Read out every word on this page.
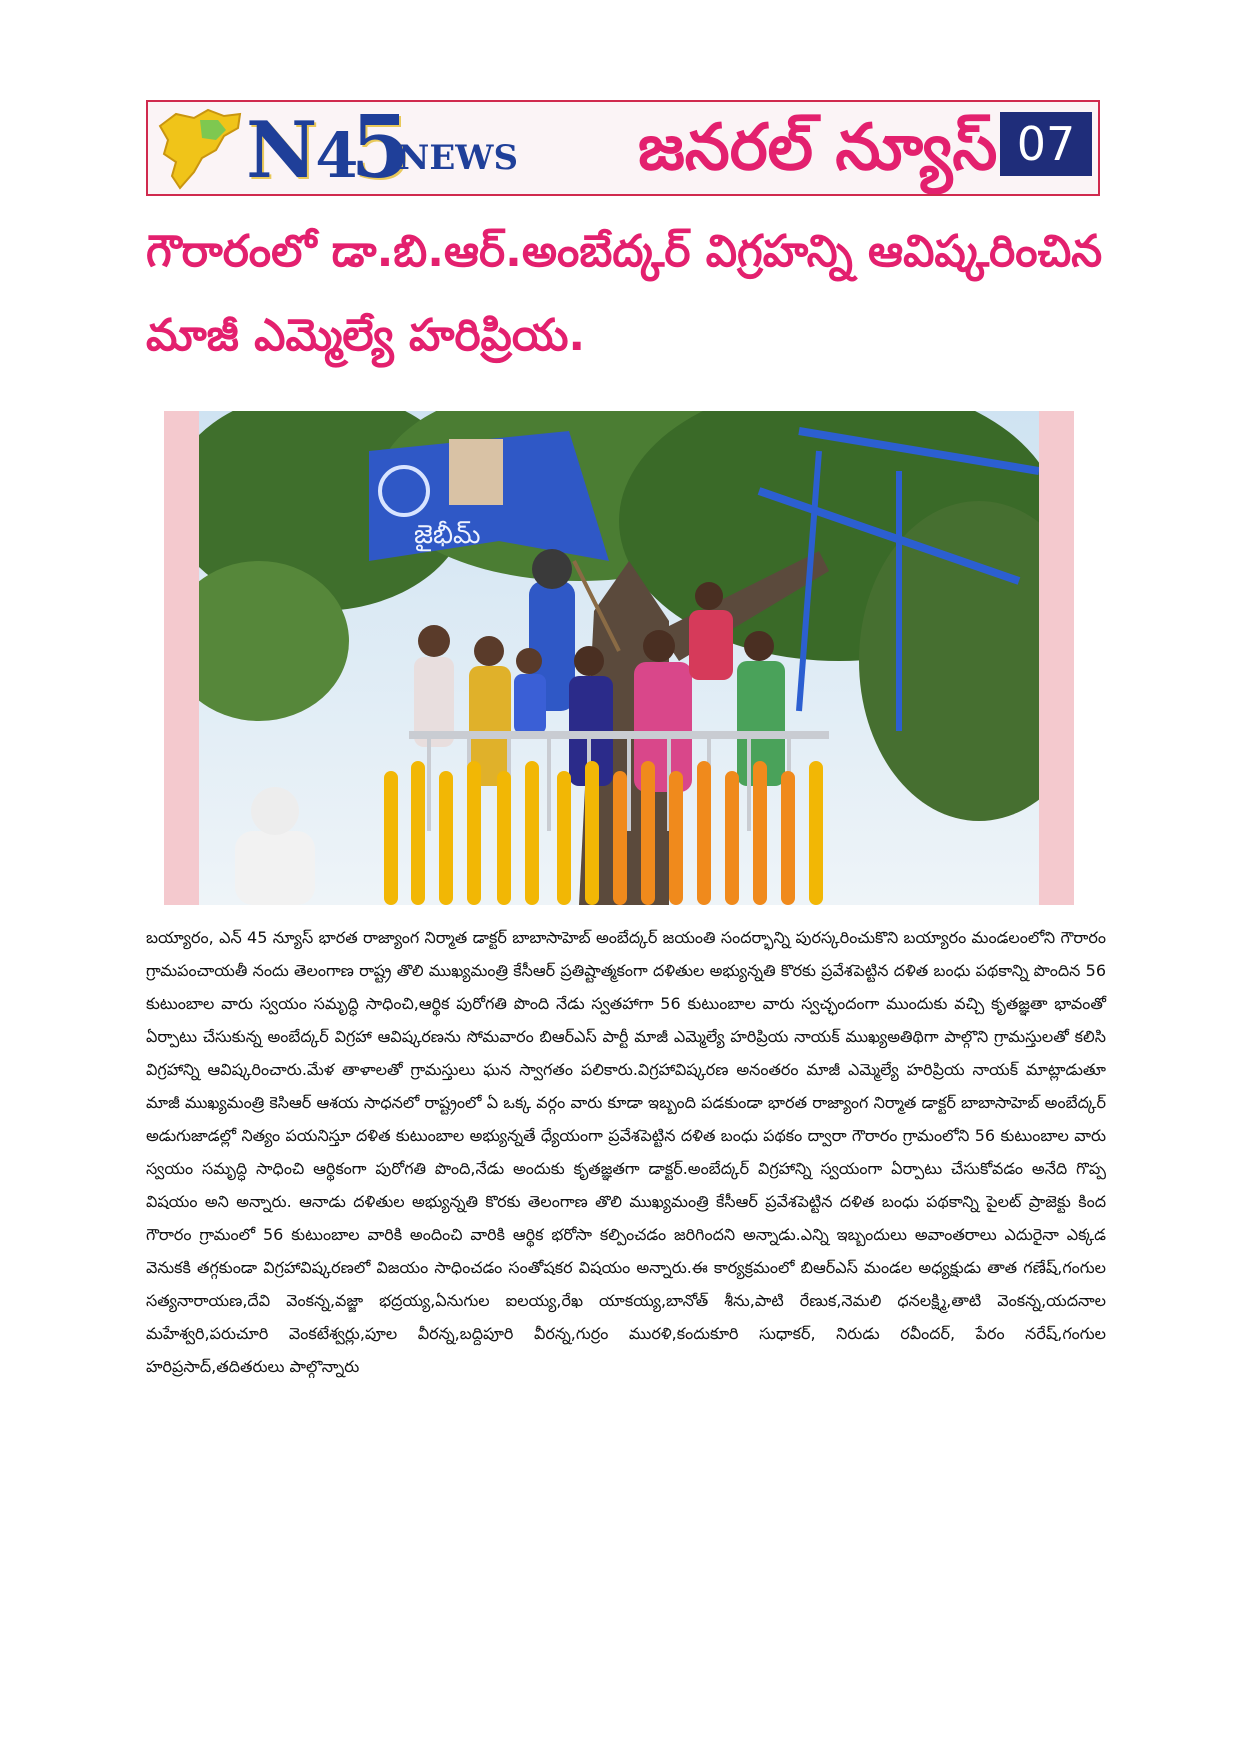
N45NEWS జనరల్ న్యూస్ 07
గౌరారంలో డా.బి.ఆర్.అంబేద్కర్ విగ్రహన్ని ఆవిష్కరించిన
మాజీ ఎమ్మెల్యే హరిప్రియ.
జైభీమ్

బయ్యారం, ఎన్ 45 న్యూస్ భారత రాజ్యాంగ నిర్మాత డాక్టర్ బాబాసాహెబ్ అంబేద్కర్ జయంతి సందర్భాన్ని పురస్కరించుకొని బయ్యారం మండలంలోని గౌరారం గ్రామపంచాయతీ నందు తెలంగాణ రాష్ట్ర తొలి ముఖ్యమంత్రి కేసీఆర్ ప్రతిష్టాత్మకంగా దళితుల అభ్యున్నతి కొరకు ప్రవేశపెట్టిన దళిత బంధు పథకాన్ని పొందిన 56 కుటుంబాల వారు స్వయం సమృద్ధి సాధించి,ఆర్థిక పురోగతి పొంది నేడు స్వతహాగా 56 కుటుంబాల వారు స్వచ్ఛందంగా ముందుకు వచ్చి కృతజ్ఞతా భావంతో ఏర్పాటు చేసుకున్న అంబేద్కర్ విగ్రహా ఆవిష్కరణను సోమవారం బిఆర్ఎస్ పార్టీ మాజీ ఎమ్మెల్యే హరిప్రియ నాయక్ ముఖ్యఅతిథిగా పాల్గొని గ్రామస్తులతో కలిసి విగ్రహాన్ని ఆవిష్కరించారు.మేళ తాళాలతో గ్రామస్తులు ఘన స్వాగతం పలికారు.విగ్రహావిష్కరణ అనంతరం మాజీ ఎమ్మెల్యే హరిప్రియ నాయక్ మాట్లాడుతూ మాజీ ముఖ్యమంత్రి కెసిఆర్ ఆశయ సాధనలో రాష్ట్రంలో ఏ ఒక్క వర్గం వారు కూడా ఇబ్బంది పడకుండా భారత రాజ్యాంగ నిర్మాత డాక్టర్ బాబాసాహెబ్ అంబేద్కర్ అడుగుజాడల్లో నిత్యం పయనిస్తూ దళిత కుటుంబాల అభ్యున్నతే ధ్యేయంగా ప్రవేశపెట్టిన దళిత బంధు పథకం ద్వారా గౌరారం గ్రామంలోని 56 కుటుంబాల వారు స్వయం సమృద్ధి సాధించి ఆర్థికంగా పురోగతి పొంది,నేడు అందుకు కృతజ్ఞతగా డాక్టర్.అంబేద్కర్ విగ్రహాన్ని స్వయంగా ఏర్పాటు చేసుకోవడం అనేది గొప్ప విషయం అని అన్నారు. ఆనాడు దళితుల అభ్యున్నతి కొరకు తెలంగాణ తొలి ముఖ్యమంత్రి కేసీఆర్ ప్రవేశపెట్టిన దళిత బంధు పథకాన్ని పైలట్ ప్రాజెక్టు కింద గౌరారం గ్రామంలో 56 కుటుంబాల వారికి అందించి వారికి ఆర్థిక భరోసా కల్పించడం జరిగిందని అన్నాడు.ఎన్ని ఇబ్బందులు అవాంతరాలు ఎదురైనా ఎక్కడ వెనుకకి తగ్గకుండా విగ్రహావిష్కరణలో విజయం సాధించడం సంతోషకర విషయం అన్నారు.ఈ కార్యక్రమంలో బిఆర్ఎస్ మండల అధ్యక్షుడు తాత గణేష్,గంగుల సత్యనారాయణ,దేవి వెంకన్న,వజ్జా భద్రయ్య,ఏనుగుల ఐలయ్య,రేఖ యాకయ్య,బానోత్ శీను,పాటి రేణుక,నెమలి ధనలక్ష్మి,తాటి వెంకన్న,యదనాల మహేశ్వరి,పరుచూరి వెంకటేశ్వర్లు,పూల వీరన్న,బద్దిపూరి వీరన్న,గుర్రం మురళి,కందుకూరి సుధాకర్, నిరుడు రవీందర్, పేరం నరేష్,గంగుల హరిప్రసాద్,తదితరులు పాల్గొన్నారు
